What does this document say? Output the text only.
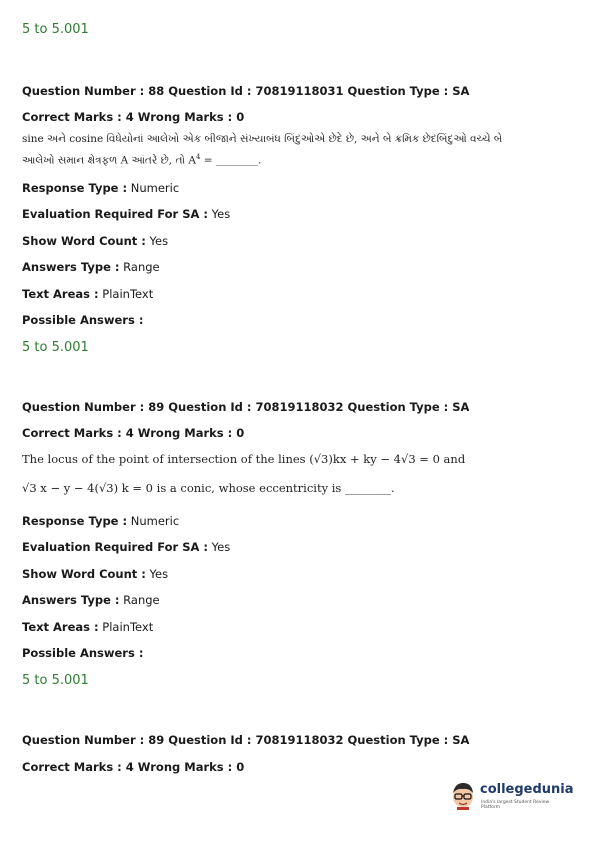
5 to 5.001
Question Number : 88 Question Id : 70819118031 Question Type : SA
Correct Marks : 4 Wrong Marks : 0
sine અને cosine વિધેયોનાં આલેખો એક બીજાને સંખ્યાબંધ બિંદુઓએ છેદે છે, અને બે ક્રમિક છેદબિંદુઓ વચ્ચે બે
આલેખો સમાન ક્ષેત્રફળ A આંતરે છે, તો $A^4$ = ________.
Response Type : Numeric
Evaluation Required For SA : Yes
Show Word Count : Yes
Answers Type : Range
Text Areas : PlainText
Possible Answers :
5 to 5.001
Question Number : 89 Question Id : 70819118032 Question Type : SA
Correct Marks : 4 Wrong Marks : 0
The locus of the point of intersection of the lines (√3)kx + ky − 4√3 = 0 and
√3 x − y − 4(√3) k = 0 is a conic, whose eccentricity is ________.
Response Type : Numeric
Evaluation Required For SA : Yes
Show Word Count : Yes
Answers Type : Range
Text Areas : PlainText
Possible Answers :
5 to 5.001
Question Number : 89 Question Id : 70819118032 Question Type : SA
Correct Marks : 4 Wrong Marks : 0
collegedunia
India's largest Student Review Platform
